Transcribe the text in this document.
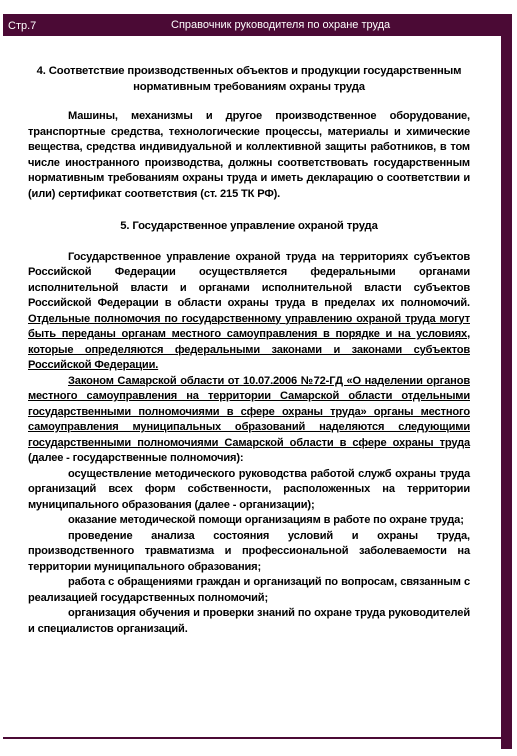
Стр.7	Справочник руководителя по охране труда
4. Соответствие производственных объектов и продукции государственным нормативным требованиям охраны труда

Машины, механизмы и другое производственное оборудование, транспортные средства, технологические процессы, материалы и химические вещества, средства индивидуальной и коллективной защиты работников, в том числе иностранного производства, должны соответствовать государственным нормативным требованиям охраны труда и иметь декларацию о соответствии и (или) сертификат соответствия (ст. 215 ТК РФ).

5. Государственное управление охраной труда

Государственное управление охраной труда на территориях субъектов Российской Федерации осуществляется федеральными органами исполнительной власти и органами исполнительной власти субъектов Российской Федерации в области охраны труда в пределах их полномочий. Отдельные полномочия по государственному управлению охраной труда могут быть переданы органам местного самоуправления в порядке и на условиях, которые определяются федеральными законами и законами субъектов Российской Федерации.

Законом Самарской области от 10.07.2006 №72-ГД «О наделении органов местного самоуправления на территории Самарской области отдельными государственными полномочиями в сфере охраны труда» органы местного самоуправления муниципальных образований наделяются следующими государственными полномочиями Самарской области в сфере охраны труда (далее - государственные полномочия):

осуществление методического руководства работой служб охраны труда организаций всех форм собственности, расположенных на территории муниципального образования (далее - организации);

оказание методической помощи организациям в работе по охране труда;

проведение анализа состояния условий и охраны труда, производственного травматизма и профессиональной заболеваемости на территории муниципального образования;

работа с обращениями граждан и организаций по вопросам, связанным с реализацией государственных полномочий;

организация обучения и проверки знаний по охране труда руководителей и специалистов организаций.
